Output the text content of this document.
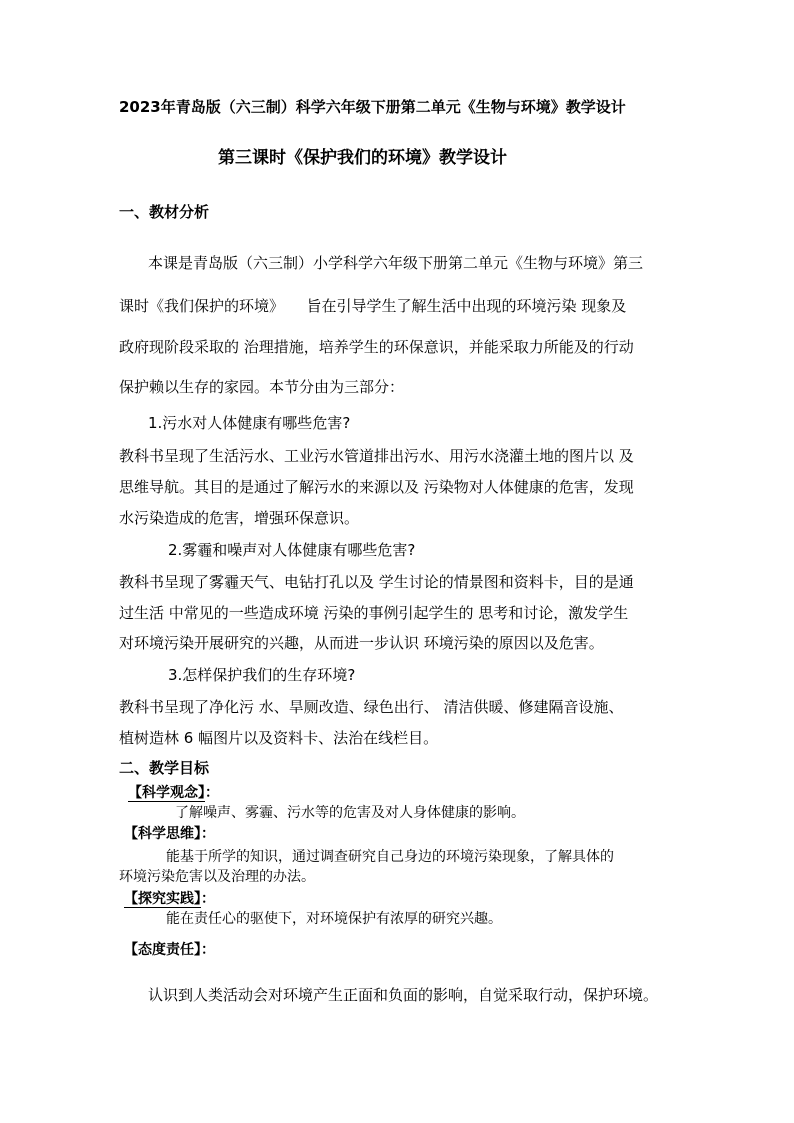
2023年青岛版（六三制）科学六年级下册第二单元《生物与环境》教学设计
第三课时《保护我们的环境》教学设计
一、教材分析
本课是青岛版（六三制）小学科学六年级下册第二单元《生物与环境》第三
课时《我们保护的环境》　　旨在引导学生了解生活中出现的环境污染 现象及
政府现阶段采取的 治理措施，培养学生的环保意识，并能采取力所能及的行动
保护赖以生存的家园。本节分由为三部分：
1.污水对人体健康有哪些危害?
教科书呈现了生活污水、工业污水管道排出污水、用污水浇灌土地的图片以 及
思维导航。其目的是通过了解污水的来源以及 污染物对人体健康的危害，发现
水污染造成的危害，增强环保意识。
2.雾霾和噪声对人体健康有哪些危害?
教科书呈现了雾霾天气、电钻打孔以及 学生讨论的情景图和资料卡，目的是通
过生活 中常见的一些造成环境 污染的事例引起学生的 思考和讨论，激发学生
对环境污染开展研究的兴趣，从而进一步认识 环境污染的原因以及危害。
3.怎样保护我们的生存环境?
教科书呈现了净化污 水、旱厕改造、绿色出行、 清洁供暖、修建隔音设施、
植树造林 6 幅图片以及资料卡、法治在线栏目。
二、教学目标
【科学观念】：
了解噪声、雾霾、污水等的危害及对人身体健康的影响。
【科学思维】：
能基于所学的知识，通过调查研究自己身边的环境污染现象，了解具体的
环境污染危害以及治理的办法。
【探究实践】：
能在责任心的驱使下，对环境保护有浓厚的研究兴趣。
【态度责任】：
认识到人类活动会对环境产生正面和负面的影响，自觉采取行动，保护环境。
